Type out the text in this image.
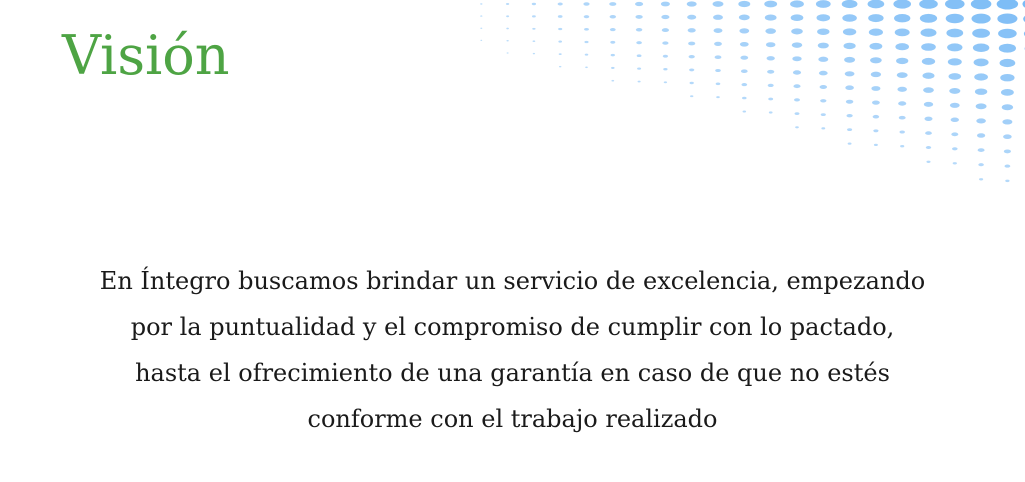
Visión

En Íntegro buscamos brindar un servicio de excelencia, empezando
por la puntualidad y el compromiso de cumplir con lo pactado,
hasta el ofrecimiento de una garantía en caso de que no estés
conforme con el trabajo realizado
